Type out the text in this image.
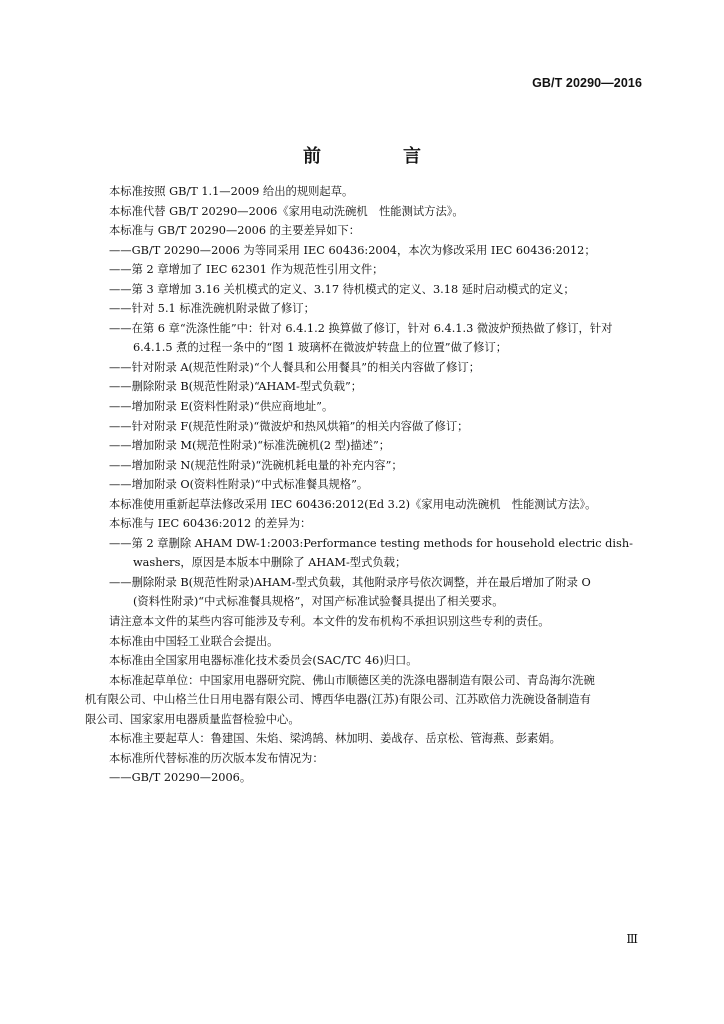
GB/T 20290—2016
前　言
本标准按照 GB/T 1.1—2009 给出的规则起草。
本标准代替 GB/T 20290—2006《家用电动洗碗机　性能测试方法》。
本标准与 GB/T 20290—2006 的主要差异如下：
——GB/T 20290—2006 为等同采用 IEC 60436:2004，本次为修改采用 IEC 60436:2012；
——第 2 章增加了 IEC 62301 作为规范性引用文件；
——第 3 章增加 3.16 关机模式的定义、3.17 待机模式的定义、3.18 延时启动模式的定义；
——针对 5.1 标准洗碗机附录做了修订；
——在第 6 章“洗涤性能”中：针对 6.4.1.2 换算做了修订，针对 6.4.1.3 微波炉预热做了修订，针对
6.4.1.5 煮的过程一条中的“图 1 玻璃杯在微波炉转盘上的位置”做了修订；
——针对附录 A(规范性附录)“个人餐具和公用餐具”的相关内容做了修订；
——删除附录 B(规范性附录)“AHAM-型式负载”；
——增加附录 E(资料性附录)“供应商地址”。
——针对附录 F(规范性附录)“微波炉和热风烘箱”的相关内容做了修订；
——增加附录 M(规范性附录)“标准洗碗机(2 型)描述”；
——增加附录 N(规范性附录)“洗碗机耗电量的补充内容”；
——增加附录 O(资料性附录)“中式标准餐具规格”。
本标准使用重新起草法修改采用 IEC 60436:2012(Ed 3.2)《家用电动洗碗机　性能测试方法》。
本标准与 IEC 60436:2012 的差异为：
——第 2 章删除 AHAM DW-1:2003:Performance testing methods for household electric dish-
washers，原因是本版本中删除了 AHAM-型式负载；
——删除附录 B(规范性附录)AHAM-型式负载，其他附录序号依次调整，并在最后增加了附录 O
(资料性附录)“中式标准餐具规格”，对国产标准试验餐具提出了相关要求。
请注意本文件的某些内容可能涉及专利。本文件的发布机构不承担识别这些专利的责任。
本标准由中国轻工业联合会提出。
本标准由全国家用电器标准化技术委员会(SAC/TC 46)归口。
本标准起草单位：中国家用电器研究院、佛山市顺德区美的洗涤电器制造有限公司、青岛海尔洗碗
机有限公司、中山格兰仕日用电器有限公司、博西华电器(江苏)有限公司、江苏欧倍力洗碗设备制造有
限公司、国家家用电器质量监督检验中心。
本标准主要起草人：鲁建国、朱焰、梁鸿鹄、林加明、姜战存、岳京松、管海燕、彭素娟。
本标准所代替标准的历次版本发布情况为：
——GB/T 20290—2006。
Ⅲ
